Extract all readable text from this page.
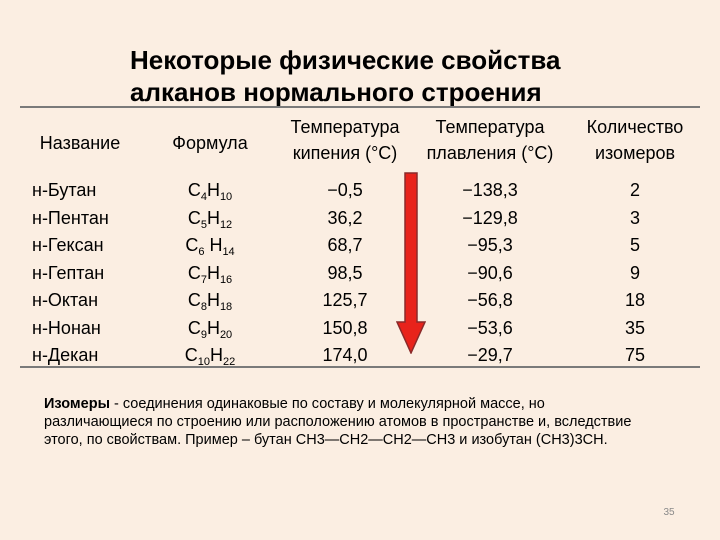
Некоторые физические свойства
алканов нормального строения
Название
н-Бутан
н-Пентан
н-Гексан
н-Гептан
н-Октан
н-Нонан
н-Декан
Формула
$C_4H_{10}$
$C_5H_{12}$
$C_6$ $H_{14}$
$C_7H_{16}$
$C_8H_{18}$
$C_9H_{20}$
$C_{10}H_{22}$
Температура
кипения (°С)
−0,5
36,2
68,7
98,5
125,7
150,8
174,0
Температура
плавления (°С)
−138,3
−129,8
−95,3
−90,6
−56,8
−53,6
−29,7
Количество
изомеров
2
3
5
9
18
35
75
Изомеры - соединения одинаковые по составу и молекулярной массе, но различающиеся по строению или расположению атомов в пространстве и, вследствие этого, по свойствам. Пример – бутан СН3—СН2—СН2—СН3 и изобутан (СН3)3СН.
35
